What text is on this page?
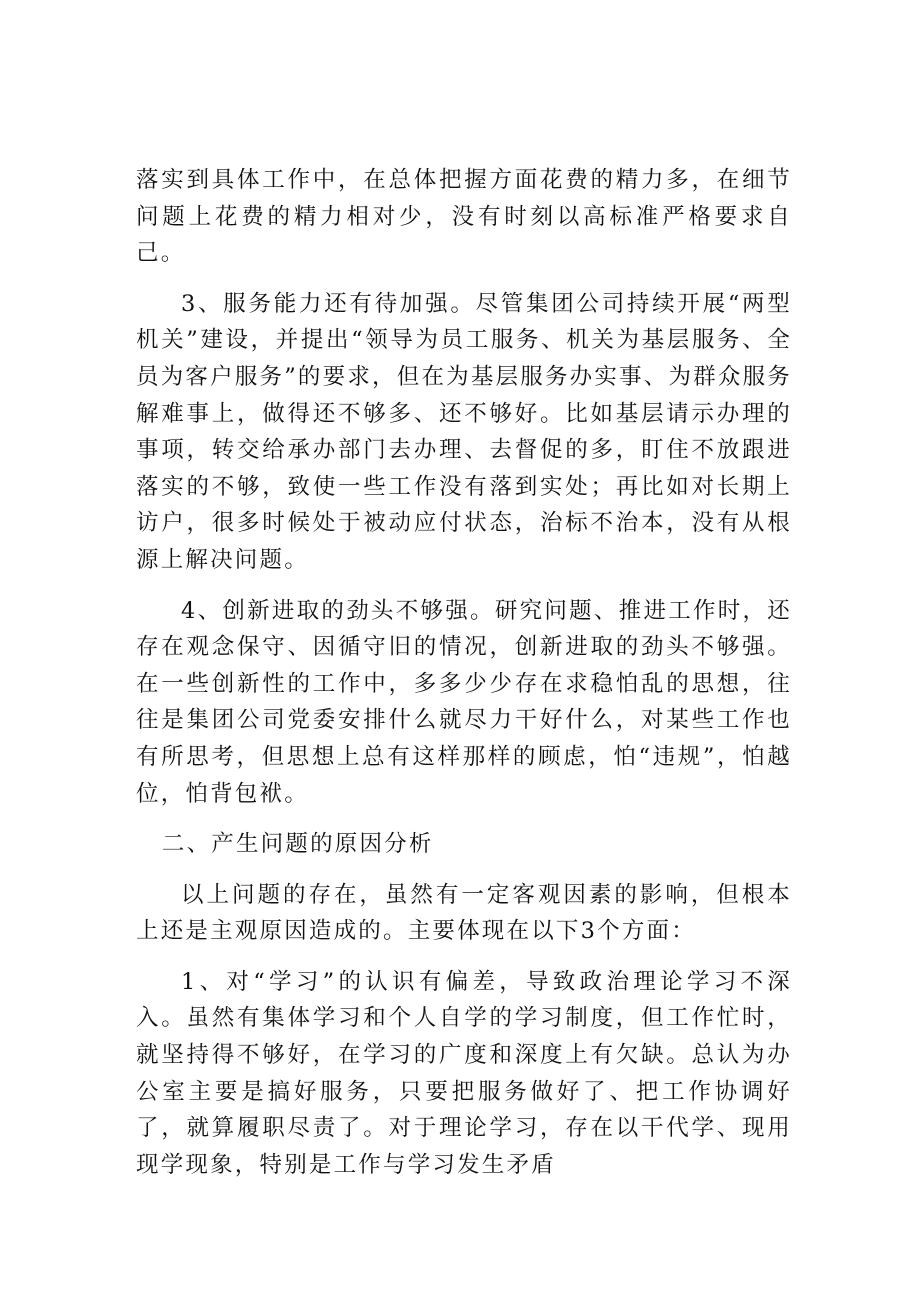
落实到具体工作中，在总体把握方面花费的精力多，在细节问题上花费的精力相对少，没有时刻以高标准严格要求自己。

3、服务能力还有待加强。尽管集团公司持续开展“两型机关”建设，并提出“领导为员工服务、机关为基层服务、全员为客户服务”的要求，但在为基层服务办实事、为群众服务解难事上，做得还不够多、还不够好。比如基层请示办理的事项，转交给承办部门去办理、去督促的多，盯住不放跟进落实的不够，致使一些工作没有落到实处；再比如对长期上访户，很多时候处于被动应付状态，治标不治本，没有从根源上解决问题。

4、创新进取的劲头不够强。研究问题、推进工作时，还存在观念保守、因循守旧的情况，创新进取的劲头不够强。在一些创新性的工作中，多多少少存在求稳怕乱的思想，往往是集团公司党委安排什么就尽力干好什么，对某些工作也有所思考，但思想上总有这样那样的顾虑，怕“违规”，怕越位，怕背包袱。

二、产生问题的原因分析

以上问题的存在，虽然有一定客观因素的影响，但根本上还是主观原因造成的。主要体现在以下3个方面：

1、对“学习”的认识有偏差，导致政治理论学习不深入。虽然有集体学习和个人自学的学习制度，但工作忙时，就坚持得不够好，在学习的广度和深度上有欠缺。总认为办公室主要是搞好服务，只要把服务做好了、把工作协调好了，就算履职尽责了。对于理论学习，存在以干代学、现用现学现象，特别是工作与学习发生矛盾
